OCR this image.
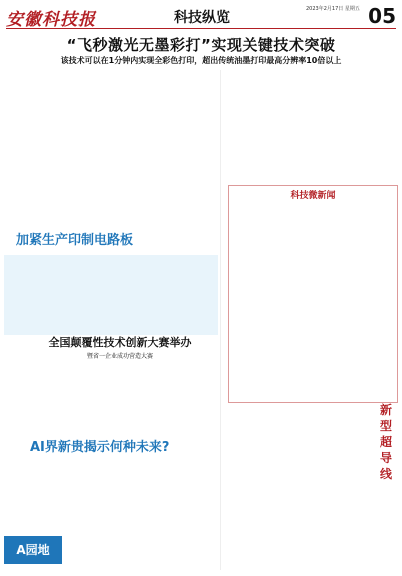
安徽科技报	科技纵览
2023年2月17日 星期五 05
“飞秒激光无墨彩打”实现关键技术突破
该技术可以在1分钟内实现全彩色打印，超出传统油墨打印最高分辨率10倍以上
加紧生产印制电路板
全国颠覆性技术创新大赛举办
暨省一企业成功营造大赛
AI界新贵揭示何种未来?
科技微新闻
新型超导线
A园地
